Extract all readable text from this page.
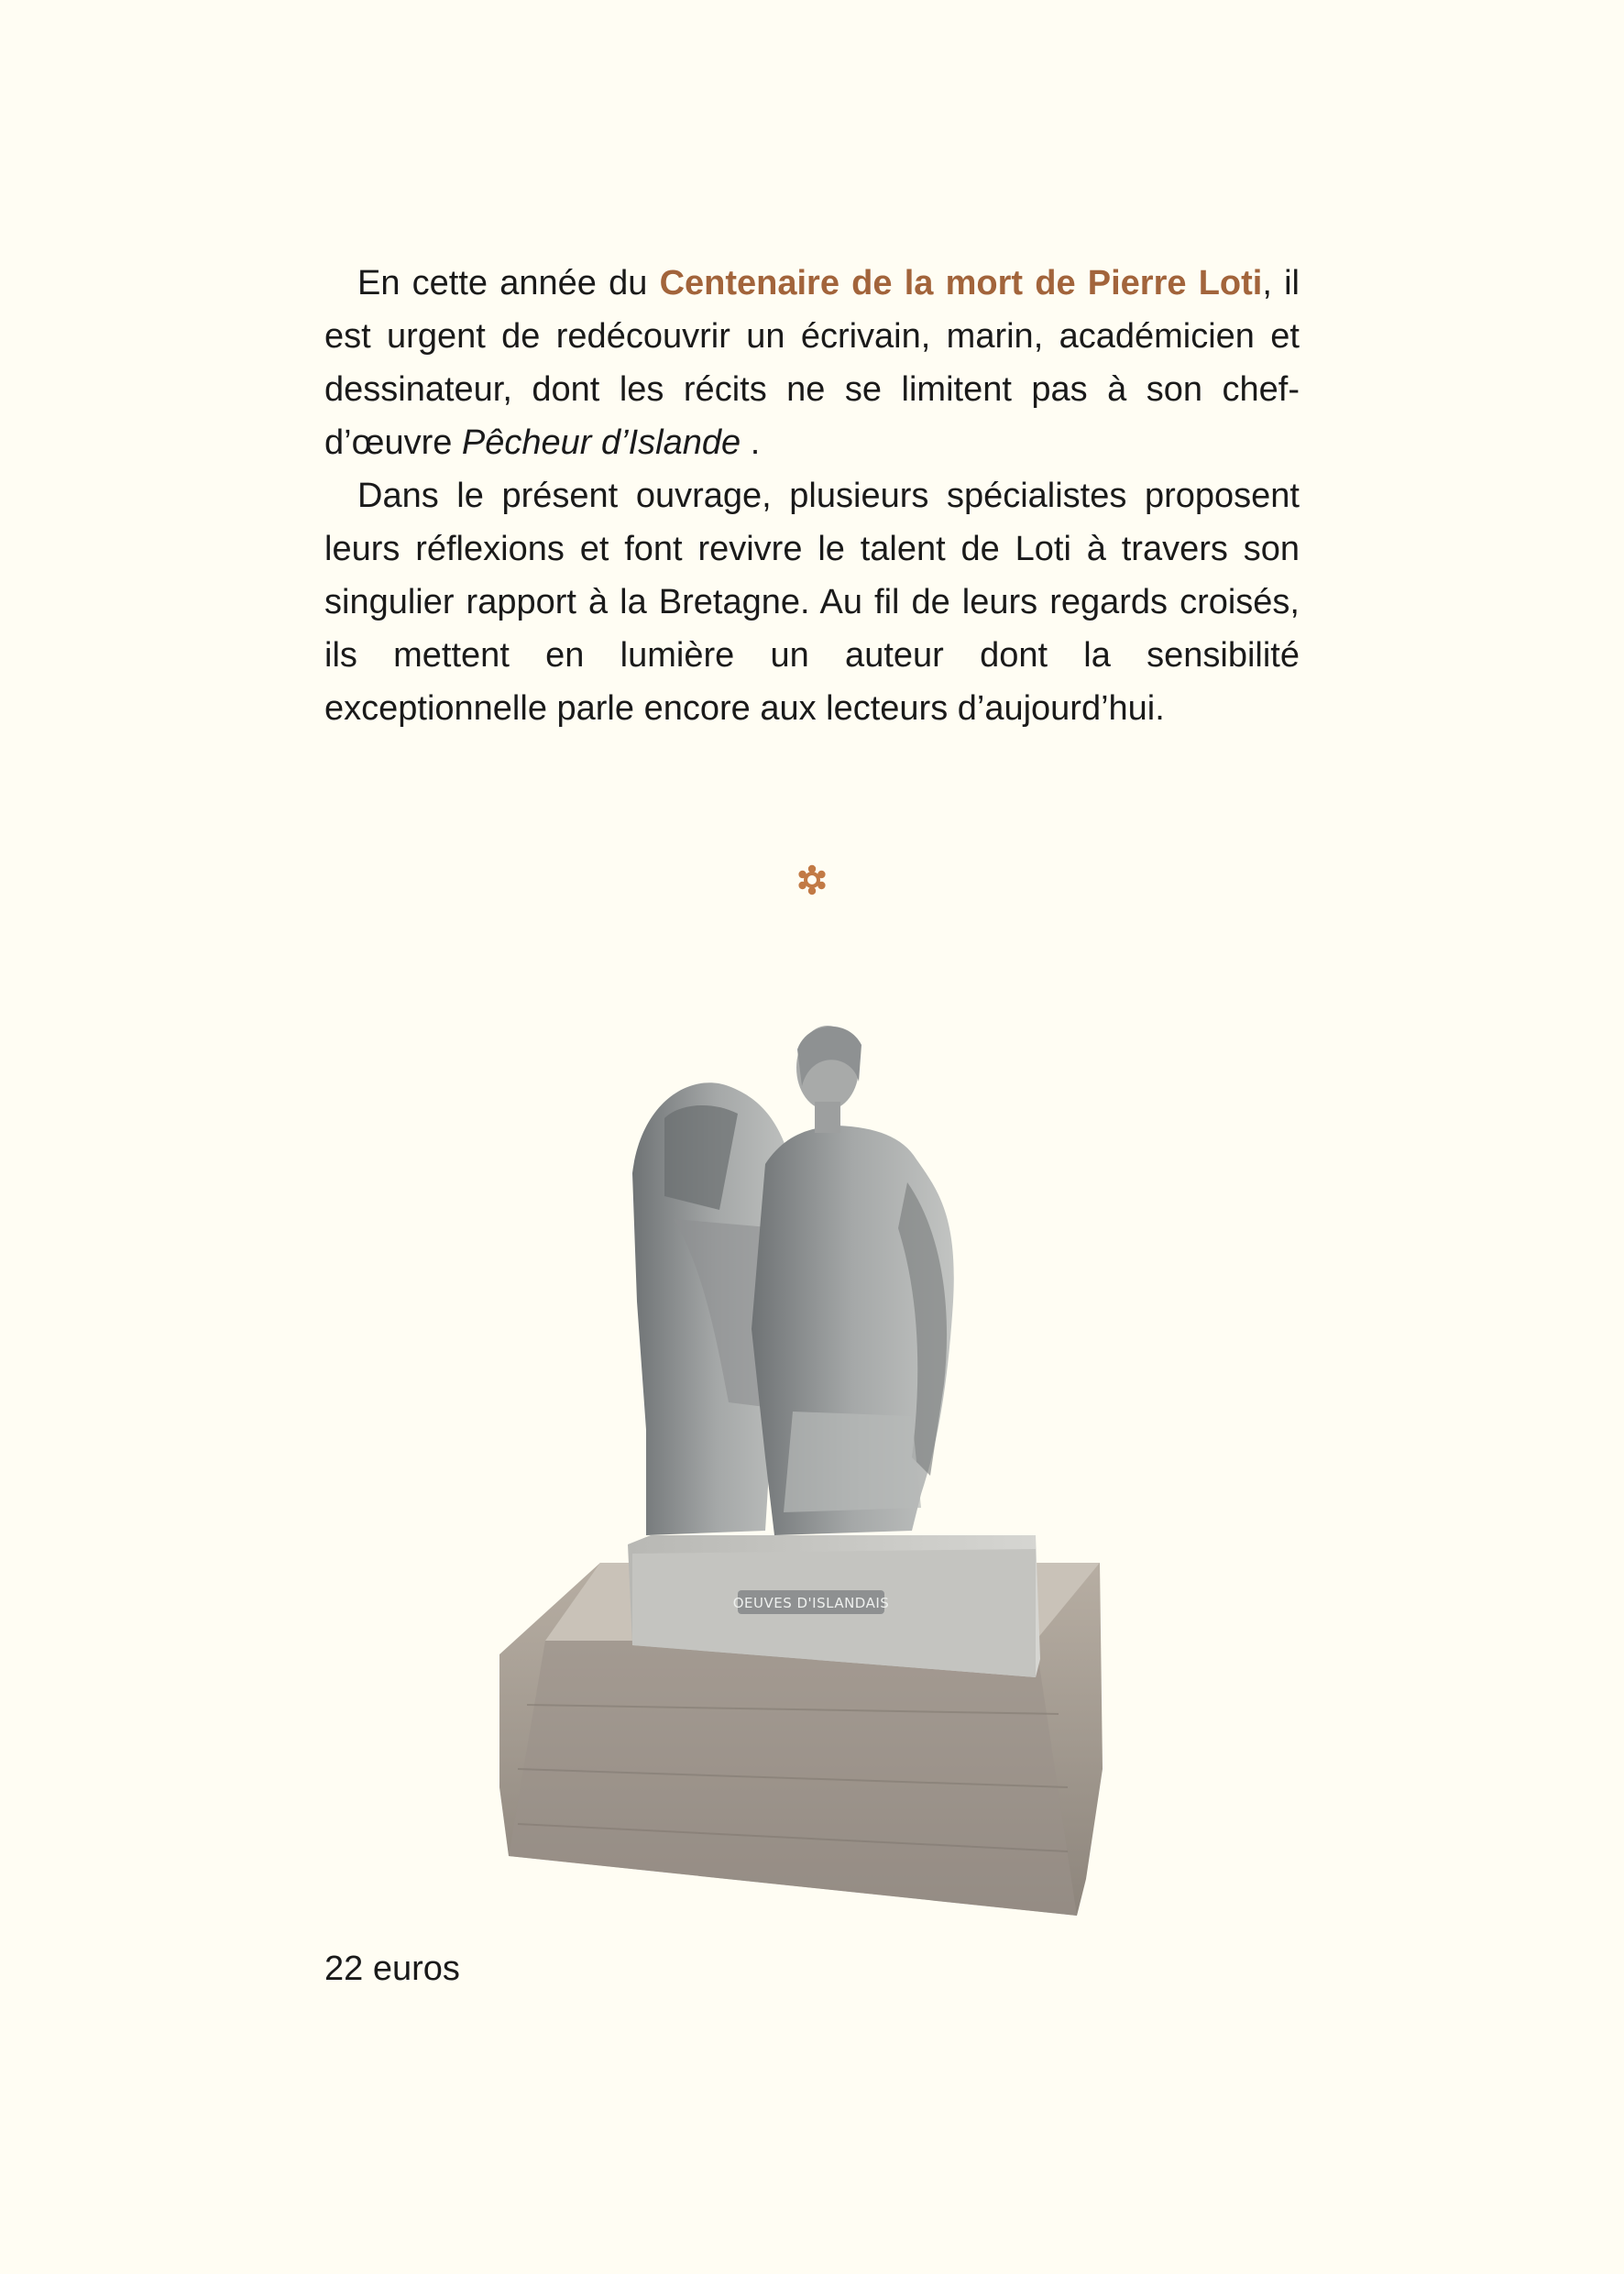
En cette année du Centenaire de la mort de Pierre Loti, il est urgent de redécouvrir un écrivain, marin, académicien et dessinateur, dont les récits ne se limitent pas à son chef-d’œuvre Pêcheur d’Islande .

Dans le présent ouvrage, plusieurs spécialistes proposent leurs réflexions et font revivre le talent de Loti à travers son singulier rapport à la Bretagne. Au fil de leurs regards croisés, ils mettent en lumière un auteur dont la sensibilité exceptionnelle parle encore aux lecteurs d’aujourd’hui.

OEUVES D'ISLANDAIS
22 euros
